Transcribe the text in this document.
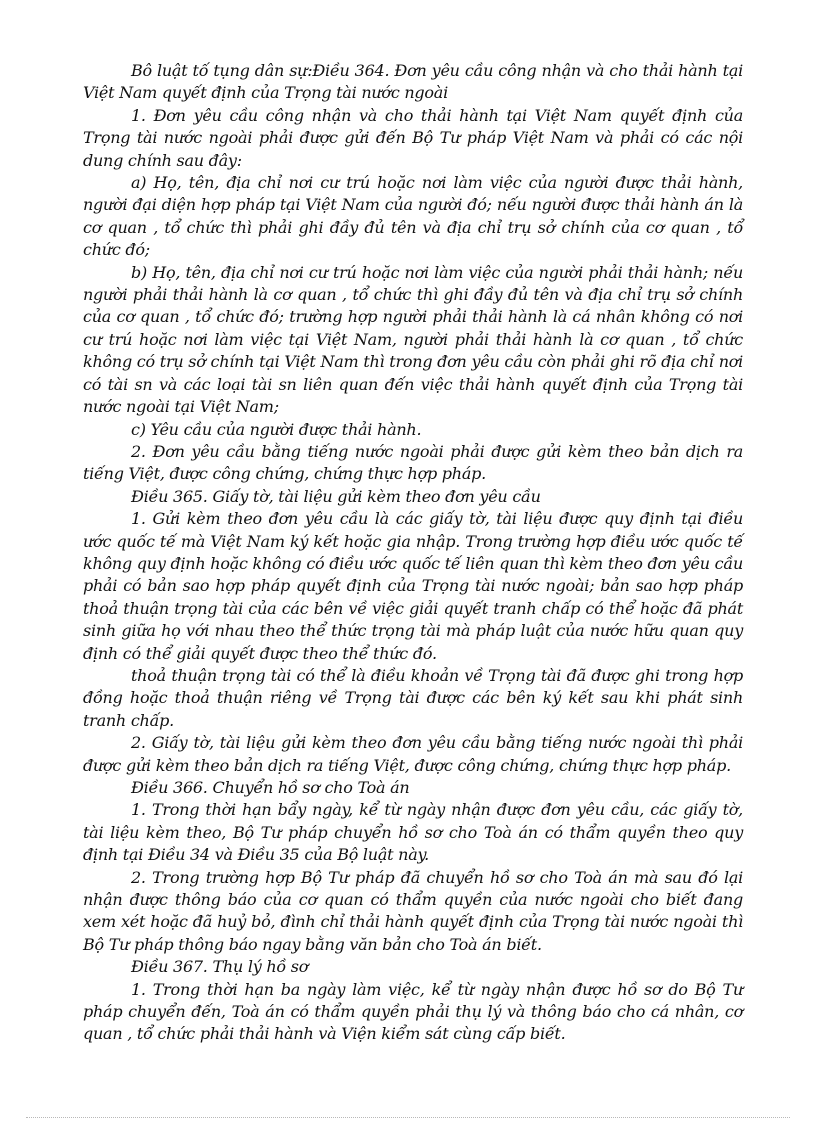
Bô luật tố tụng dân sự:Điều 364. Đơn yêu cầu công nhận và cho thải hành tại Việt Nam quyết định của Trọng tài nước ngoài

1. Đơn yêu cầu công nhận và cho thải hành tại Việt Nam quyết định của Trọng tài nước ngoài phải được gửi đến Bộ Tư pháp Việt Nam và phải có các nội dung chính sau đây:

a) Họ, tên, địa chỉ nơi cư trú hoặc nơi làm việc của người được thải hành, người đại diện hợp pháp tại Việt Nam của người đó; nếu người được thải hành án là cơ quan , tổ chức thì phải ghi đầy đủ tên và địa chỉ trụ sở chính của cơ quan , tổ chức đó;

b) Họ, tên, địa chỉ nơi cư trú hoặc nơi làm việc của người phải thải hành; nếu người phải thải hành là cơ quan , tổ chức thì ghi đầy đủ tên và địa chỉ trụ sở chính của cơ quan , tổ chức đó; trường hợp người phải thải hành là cá nhân không có nơi cư trú hoặc nơi làm việc tại Việt Nam, người phải thải hành là cơ quan , tổ chức không có trụ sở chính tại Việt Nam thì trong đơn yêu cầu còn phải ghi rõ địa chỉ nơi có tài sn và các loại tài sn liên quan đến việc thải hành quyết định của Trọng tài nước ngoài tại Việt Nam;

c) Yêu cầu của người được thải hành.

2. Đơn yêu cầu bằng tiếng nước ngoài phải được gửi kèm theo bản dịch ra tiếng Việt, được công chứng, chứng thực hợp pháp.

Điều 365. Giấy tờ, tài liệu gửi kèm theo đơn yêu cầu

1. Gửi kèm theo đơn yêu cầu là các giấy tờ, tài liệu được quy định tại điều ước quốc tế mà Việt Nam ký kết hoặc gia nhập. Trong trường hợp điều ước quốc tế không quy định hoặc không có điều ước quốc tế liên quan thì kèm theo đơn yêu cầu phải có bản sao hợp pháp quyết định của Trọng tài nước ngoài; bản sao hợp pháp thoả thuận trọng tài của các bên về việc giải quyết tranh chấp có thể hoặc đã phát sinh giữa họ với nhau theo thể thức trọng tài mà pháp luật của nước hữu quan quy định có thể giải quyết được theo thể thức đó.

thoả thuận trọng tài có thể là điều khoản về Trọng tài đã được ghi trong hợp đồng hoặc thoả thuận riêng về Trọng tài được các bên ký kết sau khi phát sinh tranh chấp.

2. Giấy tờ, tài liệu gửi kèm theo đơn yêu cầu bằng tiếng nước ngoài thì phải được gửi kèm theo bản dịch ra tiếng Việt, được công chứng, chứng thực hợp pháp.

Điều 366. Chuyển hồ sơ cho Toà án

1. Trong thời hạn bẩy ngày, kể từ ngày nhận được đơn yêu cầu, các giấy tờ, tài liệu kèm theo, Bộ Tư pháp chuyển hồ sơ cho Toà án có thẩm quyền theo quy định tại Điều 34 và Điều 35 của Bộ luật này.

2. Trong trường hợp Bộ Tư pháp đã chuyển hồ sơ cho Toà án mà sau đó lại nhận được thông báo của cơ quan có thẩm quyền của nước ngoài cho biết đang xem xét hoặc đã huỷ bỏ, đình chỉ thải hành quyết định của Trọng tài nước ngoài thì Bộ Tư pháp thông báo ngay bằng văn bản cho Toà án biết.

Điều 367. Thụ lý hồ sơ

1. Trong thời hạn ba ngày làm việc, kể từ ngày nhận được hồ sơ do Bộ Tư pháp chuyển đến, Toà án có thẩm quyền phải thụ lý và thông báo cho cá nhân, cơ quan , tổ chức phải thải hành và Viện kiểm sát cùng cấp biết.
